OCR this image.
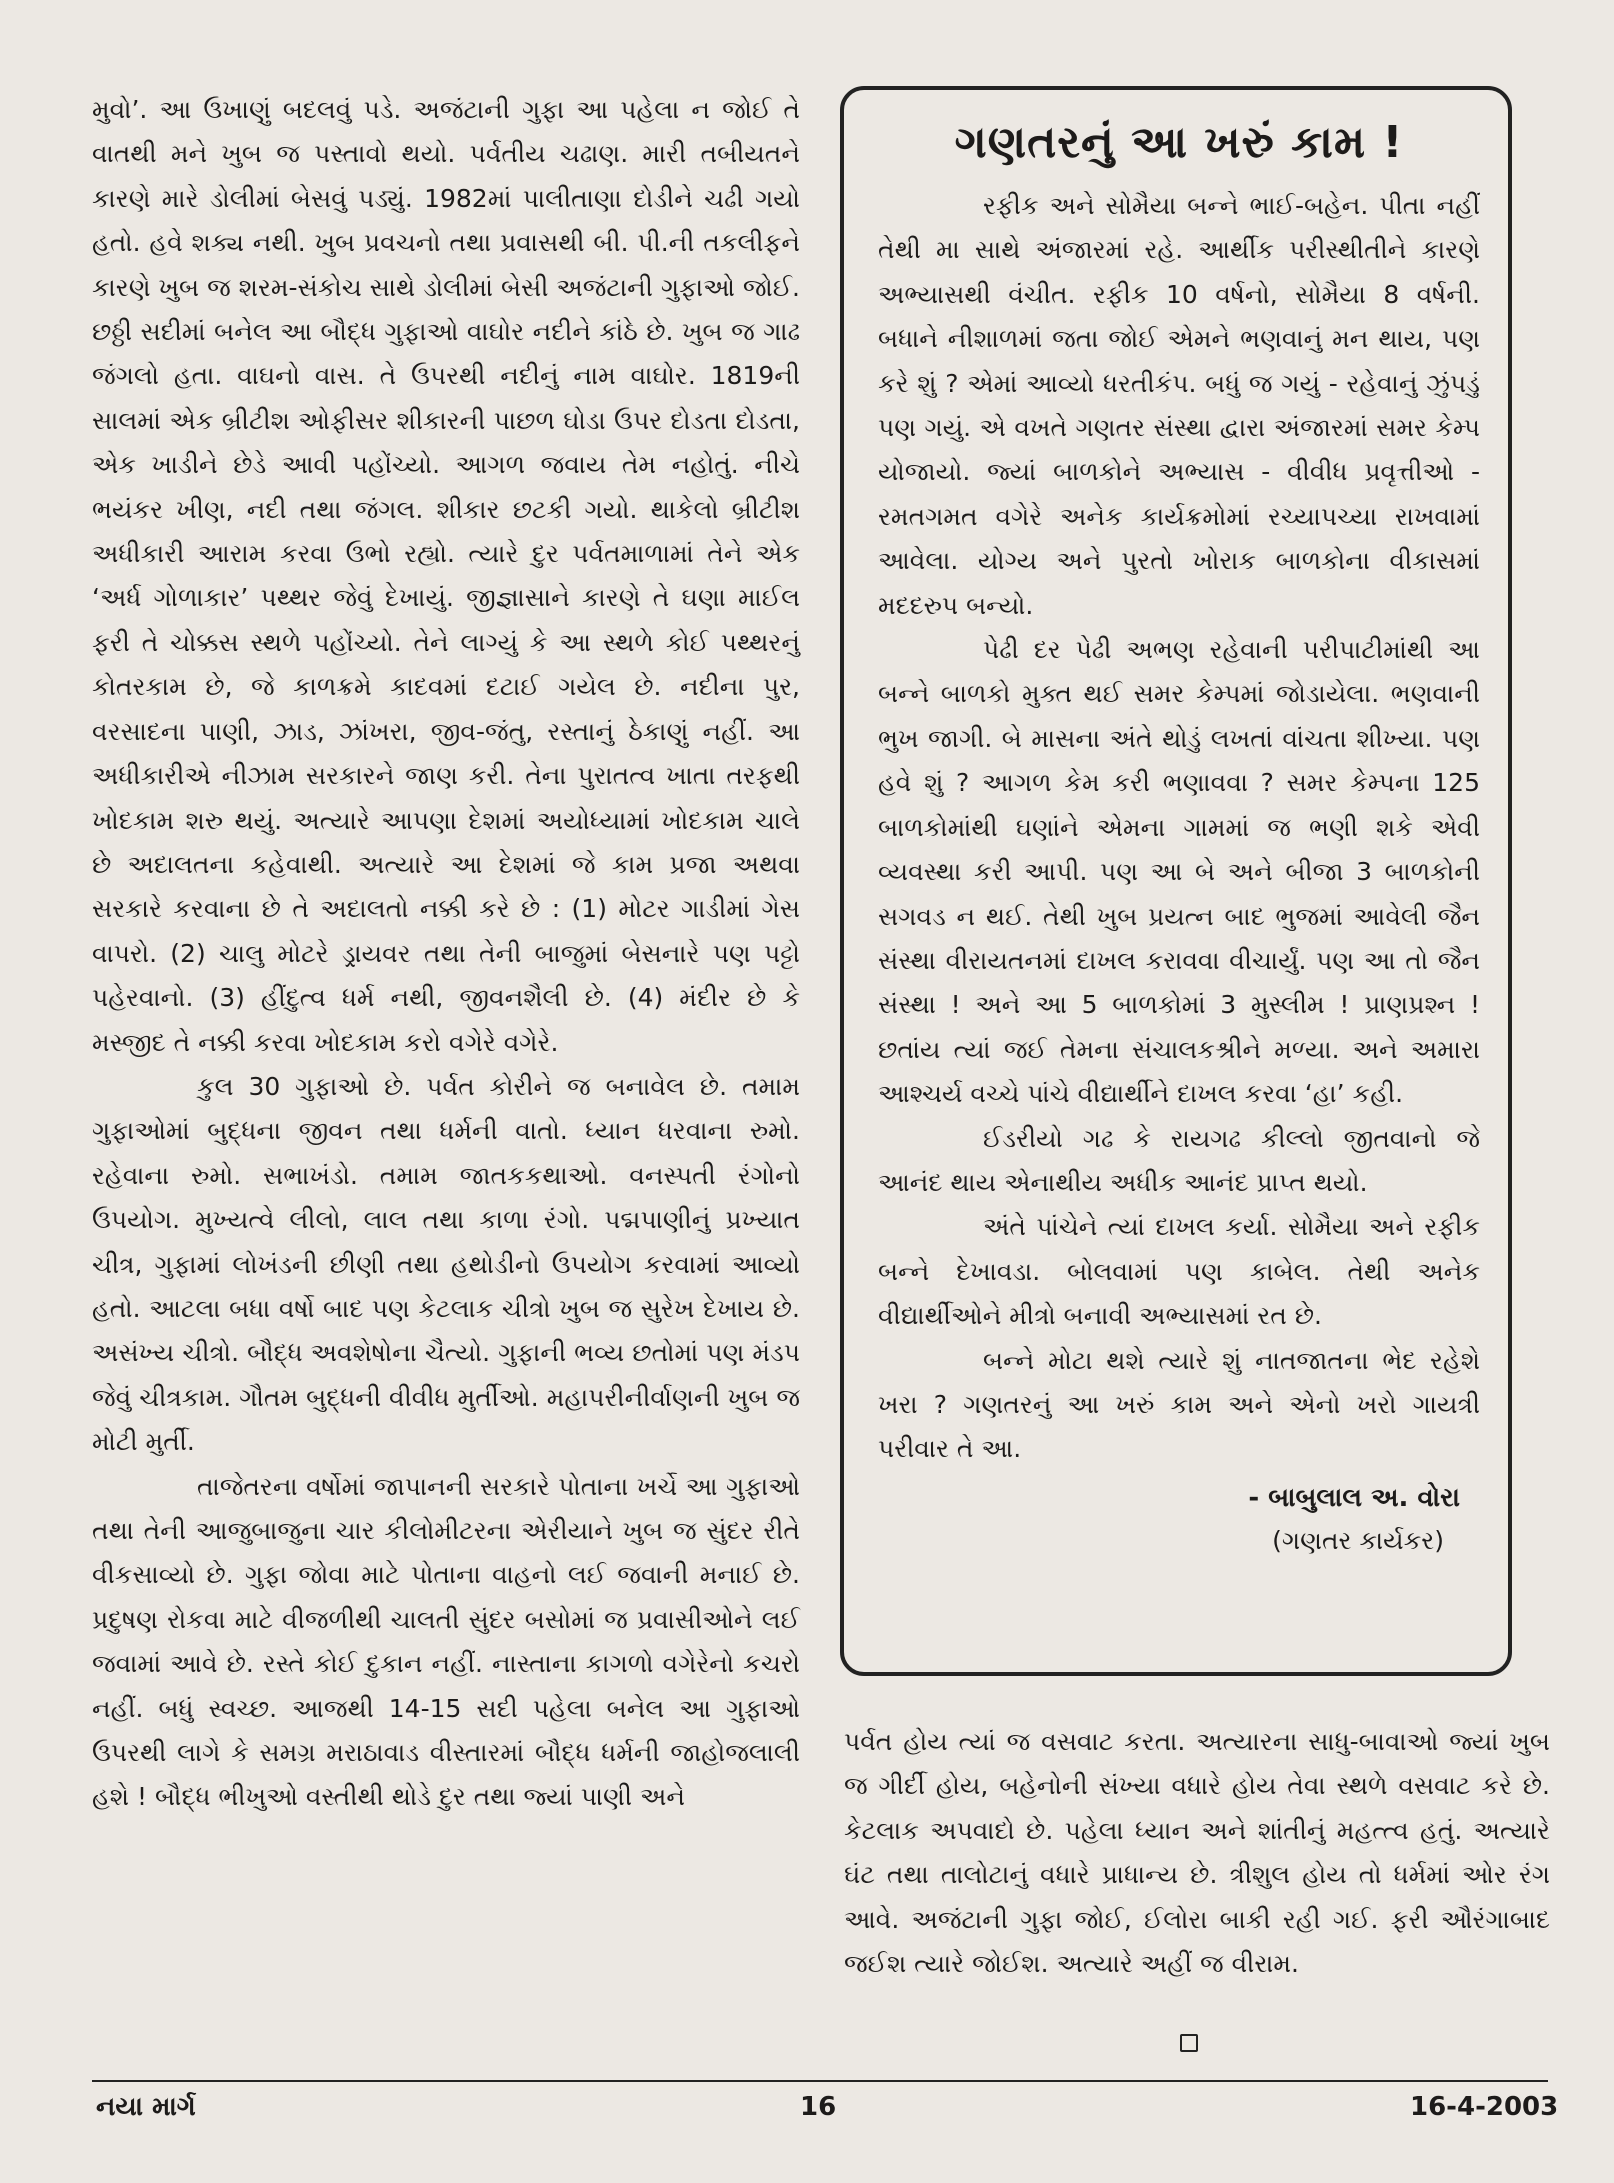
મુવો’. આ ઉખાણું બદલવું પડે. અજંટાની ગુફા આ પહેલા ન જોઈ તે વાતથી મને ખુબ જ પસ્તાવો થયો. પર્વતીય ચઢાણ. મારી તબીયતને કારણે મારે ડોલીમાં બેસવું પડ્યું. 1982માં પાલીતાણા દોડીને ચઢી ગયો હતો. હવે શક્ય નથી. ખુબ પ્રવચનો તથા પ્રવાસથી બી. પી.ની તકલીફને કારણે ખુબ જ શરમ-સંકોચ સાથે ડોલીમાં બેસી અજંટાની ગુફાઓ જોઈ. છઠ્ઠી સદીમાં બનેલ આ બૌદ્ધ ગુફાઓ વાઘોર નદીને કાંઠે છે. ખુબ જ ગાઢ જંગલો હતા. વાઘનો વાસ. તે ઉપરથી નદીનું નામ વાઘોર. 1819ની સાલમાં એક બ્રીટીશ ઓફીસર શીકારની પાછળ ઘોડા ઉપર દોડતા દોડતા, એક ખાડીને છેડે આવી પહોંચ્યો. આગળ જવાય તેમ નહોતું. નીચે ભયંકર ખીણ, નદી તથા જંગલ. શીકાર છટકી ગયો. થાકેલો બ્રીટીશ અધીકારી આરામ કરવા ઉભો રહ્યો. ત્યારે દુર પર્વતમાળામાં તેને એક ‘અર્ધ ગોળાકાર’ પથ્થર જેવું દેખાયું. જીજ્ઞાસાને કારણે તે ઘણા માઈલ ફરી તે ચોક્કસ સ્થળે પહોંચ્યો. તેને લાગ્યું કે આ સ્થળે કોઈ પથ્થરનું કોતરકામ છે, જે કાળક્રમે કાદવમાં દટાઈ ગયેલ છે. નદીના પુર, વરસાદના પાણી, ઝાડ, ઝાંખરા, જીવ-જંતુ, રસ્તાનું ઠેકાણું નહીં. આ અધીકારીએ નીઝામ સરકારને જાણ કરી. તેના પુરાતત્વ ખાતા તરફથી ખોદકામ શરુ થયું. અત્યારે આપણા દેશમાં અયોધ્યામાં ખોદકામ ચાલે છે અદાલતના કહેવાથી. અત્યારે આ દેશમાં જે કામ પ્રજા અથવા સરકારે કરવાના છે તે અદાલતો નક્કી કરે છે : (1) મોટર ગાડીમાં ગેસ વાપરો. (2) ચાલુ મોટરે ડ્રાયવર તથા તેની બાજુમાં બેસનારે પણ પટ્ટો પહેરવાનો. (3) હીંદુત્વ ધર્મ નથી, જીવનશૈલી છે. (4) મંદીર છે કે મસ્જીદ તે નક્કી કરવા ખોદકામ કરો વગેરે વગેરે.

કુલ 30 ગુફાઓ છે. પર્વત કોરીને જ બનાવેલ છે. તમામ ગુફાઓમાં બુદ્ધના જીવન તથા ધર્મની વાતો. ધ્યાન ધરવાના રુમો. રહેવાના રુમો. સભાખંડો. તમામ જાતકકથાઓ. વનસ્પતી રંગોનો ઉપયોગ. મુખ્યત્વે લીલો, લાલ તથા કાળા રંગો. પદ્મપાણીનું પ્રખ્યાત ચીત્ર, ગુફામાં લોખંડની છીણી તથા હથોડીનો ઉપયોગ કરવામાં આવ્યો હતો. આટલા બધા વર્ષો બાદ પણ કેટલાક ચીત્રો ખુબ જ સુરેખ દેખાય છે. અસંખ્ય ચીત્રો. બૌદ્ધ અવશેષોના ચૈત્યો. ગુફાની ભવ્ય છતોમાં પણ મંડપ જેવું ચીત્રકામ. ગૌતમ બુદ્ધની વીવીધ મુર્તીઓ. મહાપરીનીર્વાણની ખુબ જ મોટી મુર્તી.

તાજેતરના વર્ષોમાં જાપાનની સરકારે પોતાના ખર્ચે આ ગુફાઓ તથા તેની આજુબાજુના ચાર કીલોમીટરના એરીયાને ખુબ જ સુંદર રીતે વીકસાવ્યો છે. ગુફા જોવા માટે પોતાના વાહનો લઈ જવાની મનાઈ છે. પ્રદુષણ રોકવા માટે વીજળીથી ચાલતી સુંદર બસોમાં જ પ્રવાસીઓને લઈ જવામાં આવે છે. રસ્તે કોઈ દુકાન નહીં. નાસ્તાના કાગળો વગેરેનો કચરો નહીં. બધું સ્વચ્છ. આજથી 14-15 સદી પહેલા બનેલ આ ગુફાઓ ઉપરથી લાગે કે સમગ્ર મરાઠાવાડ વીસ્તારમાં બૌદ્ધ ધર્મની જાહોજલાલી હશે ! બૌદ્ધ ભીખુઓ વસ્તીથી થોડે દુર તથા જ્યાં પાણી અને

ગણતરનું આ ખરું કામ !

રફીક અને સોમૈયા બન્ને ભાઈ-બહેન. પીતા નહીં તેથી મા સાથે અંજારમાં રહે. આર્થીક પરીસ્થીતીને કારણે અભ્યાસથી વંચીત. રફીક 10 વર્ષનો, સોમૈયા 8 વર્ષની. બધાને નીશાળમાં જતા જોઈ એમને ભણવાનું મન થાય, પણ કરે શું ? એમાં આવ્યો ધરતીકંપ. બધું જ ગયું - રહેવાનું ઝુંપડું પણ ગયું. એ વખતે ગણતર સંસ્થા દ્વારા અંજારમાં સમર કેમ્પ યોજાયો. જ્યાં બાળકોને અભ્યાસ - વીવીધ પ્રવૃત્તીઓ - રમતગમત વગેરે અનેક કાર્યક્રમોમાં રચ્યાપચ્યા રાખવામાં આવેલા. યોગ્ય અને પુરતો ખોરાક બાળકોના વીકાસમાં મદદરુપ બન્યો.

પેઢી દર પેઢી અભણ રહેવાની પરીપાટીમાંથી આ બન્ને બાળકો મુક્ત થઈ સમર કેમ્પમાં જોડાયેલા. ભણવાની ભુખ જાગી. બે માસના અંતે થોડું લખતાં વાંચતા શીખ્યા. પણ હવે શું ? આગળ કેમ કરી ભણાવવા ? સમર કેમ્પના 125 બાળકોમાંથી ઘણાંને એમના ગામમાં જ ભણી શકે એવી વ્યવસ્થા કરી આપી. પણ આ બે અને બીજા 3 બાળકોની સગવડ ન થઈ. તેથી ખુબ પ્રયત્ન બાદ ભુજમાં આવેલી જૈન સંસ્થા વીરાયતનમાં દાખલ કરાવવા વીચાર્યું. પણ આ તો જૈન સંસ્થા ! અને આ 5 બાળકોમાં 3 મુસ્લીમ ! પ્રાણપ્રશ્ન ! છતાંય ત્યાં જઈ તેમના સંચાલકશ્રીને મળ્યા. અને અમારા આશ્ચર્ય વચ્ચે પાંચે વીદ્યાર્થીને દાખલ કરવા ‘હા’ કહી.

ઈડરીયો ગઢ કે રાયગઢ કીલ્લો જીતવાનો જે આનંદ થાય એનાથીય અધીક આનંદ પ્રાપ્ત થયો.

અંતે પાંચેને ત્યાં દાખલ કર્યા. સોમૈયા અને રફીક બન્ને દેખાવડા. બોલવામાં પણ કાબેલ. તેથી અનેક વીદ્યાર્થીઓને મીત્રો બનાવી અભ્યાસમાં રત છે.

બન્ને મોટા થશે ત્યારે શું નાતજાતના ભેદ રહેશે ખરા ? ગણતરનું આ ખરું કામ અને એનો ખરો ગાયત્રી પરીવાર તે આ.

- બાબુલાલ અ. વોરા
(ગણતર કાર્યકર)

પર્વત હોય ત્યાં જ વસવાટ કરતા. અત્યારના સાધુ-બાવાઓ જ્યાં ખુબ જ ગીર્દી હોય, બહેનોની સંખ્યા વધારે હોય તેવા સ્થળે વસવાટ કરે છે. કેટલાક અપવાદો છે. પહેલા ધ્યાન અને શાંતીનું મહત્ત્વ હતું. અત્યારે ઘંટ તથા તાલોટાનું વધારે પ્રાધાન્ય છે. ત્રીશુલ હોય તો ધર્મમાં ઓર રંગ આવે. અજંટાની ગુફા જોઈ, ઈલોરા બાકી રહી ગઈ. ફરી ઔરંગાબાદ જઈશ ત્યારે જોઈશ. અત્યારે અહીં જ વીરામ.

નયા માર્ગ	16	16-4-2003
